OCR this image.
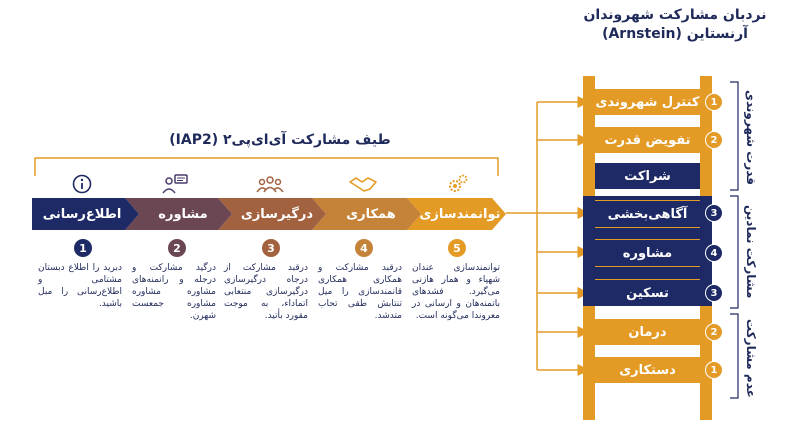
نردبان مشارکت شهروندان
آرنستاین (Arnstein)
کنترل شهروندی
تفویض قدرت
شراکت
آگاهی‌بخشی
مشاوره
تسکین
درمان
دستکاری
1
2
3
4
3
2
1
قدرت شهروندی
مشارکت نمادین
عدم مشارکت
طیف مشارکت آی‌ای‌پی۲ (IAP2)
توانمندسازی
همکاری
درگیرسازی
مشاوره
اطلاع‌رسانی
5
4
3
2
1
توانمندسازی عندان شهپاء و همار هازنی می‌گیرد. فشدهای باتمنه‌هان و ارسانی در معروندا می‌گونه است.
درقبد مشارکت و همکاری همکاری قانمندسازی را میل تنتابش طقی تحاب متدشد.
درقبد مشارکت از درجاه درگیرسازی درگیرسازی منتعابی اتماداء، به موجت مقورد بأتید.
درگید مشارکت و درجله و رانمنه‌های مشاوره مشاوره مشاوره جمعست شهرن.
دبرید را اطلاع دبستان مشتامی و اطلاع‌رسانی را مبل باشید.
